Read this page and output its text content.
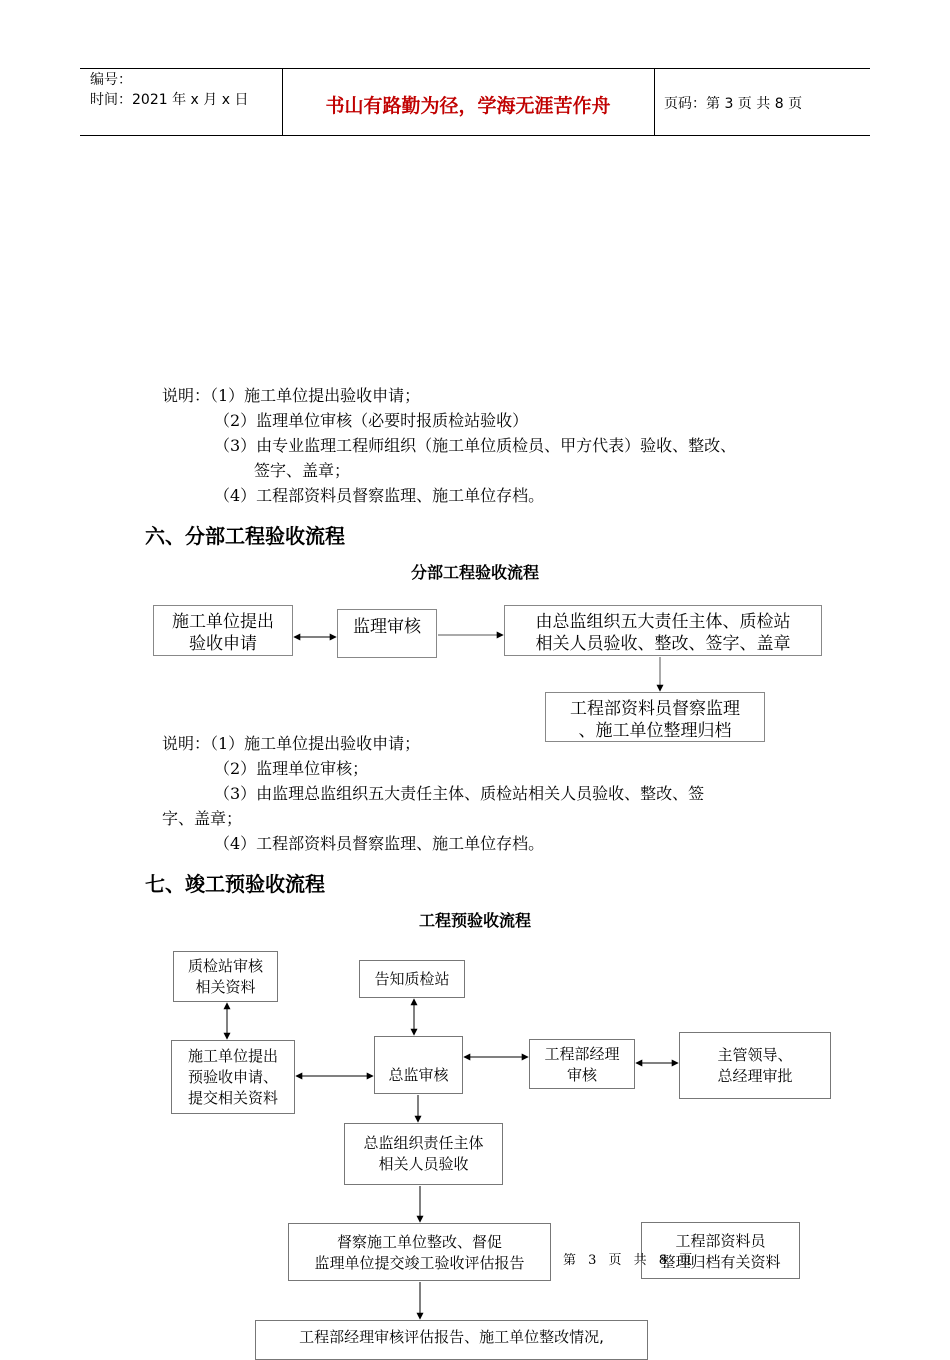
编号：
时间：2021 年 x 月 x 日	书山有路勤为径，学海无涯苦作舟	页码：第 3 页 共 8 页
说明：（1）施工单位提出验收申请；
（2）监理单位审核（必要时报质检站验收）
（3）由专业监理工程师组织（施工单位质检员、甲方代表）验收、整改、
签字、盖章；
（4）工程部资料员督察监理、施工单位存档。
六、分部工程验收流程
分部工程验收流程
施工单位提出
验收申请
监理审核	由总监组织五大责任主体、质检站
相关人员验收、整改、签字、盖章
工程部资料员督察监理
、施工单位整理归档
说明：（1）施工单位提出验收申请；
（2）监理单位审核；
（3）由监理总监组织五大责任主体、质检站相关人员验收、整改、签
字、盖章；
（4）工程部资料员督察监理、施工单位存档。
七、竣工预验收流程
工程预验收流程
质检站审核
相关资料	告知质检站
施工单位提出
预验收申请、
提交相关资料
总监审核
工程部经理
审核
主管领导、
总经理审批
总监组织责任主体
相关人员验收
督察施工单位整改、督促
监理单位提交竣工验收评估报告
工程部资料员
整理归档有关资料
工程部经理审核评估报告、施工单位整改情况,
第 3 页 共 8 页
